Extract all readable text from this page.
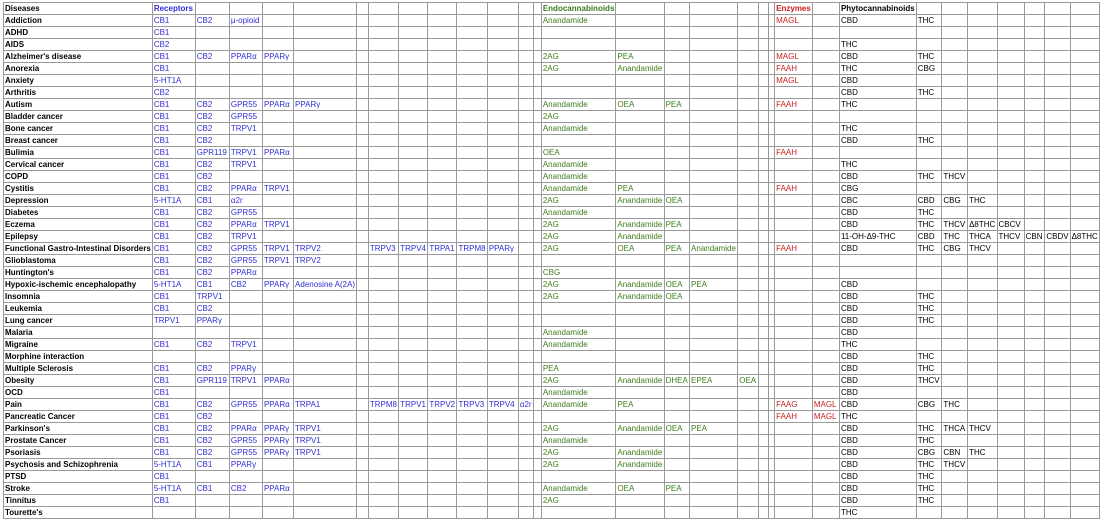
Diseases	Receptors													Endocannabinoids							Enzymes		Phytocannabinoids							
Addiction	CB1	CB2	μ-opioid											Anandamide							MAGL		CBD	THC						
ADHD	CB1																													
AIDS	CB2																						THC							
Alzheimer's disease	CB1	CB2	PPARα	PPARγ										2AG	PEA						MAGL		CBD	THC						
Anorexia	CB1													2AG	Anandamide						FAAH		THC	CBG						
Anxiety	5-HT1A																				MAGL		CBD							
Arthritis	CB2																						CBD	THC						
Autism	CB1	CB2	GPR55	PPARα	PPARγ									Anandamide	OEA	PEA					FAAH		THC							
Bladder cancer	CB1	CB2	GPR55											2AG																
Bone cancer	CB1	CB2	TRPV1											Anandamide									THC							
Breast cancer	CB1	CB2																					CBD	THC						
Bulimia	CB1	GPR119	TRPV1	PPARα										OEA							FAAH									
Cervical cancer	CB1	CB2	TRPV1											Anandamide									THC							
COPD	CB1	CB2												Anandamide									CBD	THC	THCV					
Cystitis	CB1	CB2	PPARα	TRPV1										Anandamide	PEA						FAAH		CBG							
Depression	5-HT1A	CB1	α2r											2AG	Anandamide	OEA							CBC	CBD	CBG	THC				
Diabetes	CB1	CB2	GPR55											Anandamide									CBD	THC						
Eczema	CB1	CB2	PPARα	TRPV1										2AG	Anandamide	PEA							CBD	THC	THCV	Δ8THC	CBCV			
Epilepsy	CB1	CB2	TRPV1											2AG	Anandamide								11-OH-Δ9-THC	CBD	THC	THCA	THCV	CBN	CBDV	Δ8THC
Functional Gastro-Intestinal Disorders	CB1	CB2	GPR55	TRPV1	TRPV2		TRPV3	TRPV4	TRPA1	TRPM8	PPARγ			2AG	OEA	PEA	Anandamide				FAAH		CBD	THC	CBG	THCV				
Glioblastoma	CB1	CB2	GPR55	TRPV1	TRPV2																									
Huntington's	CB1	CB2	PPARα											CBG																
Hypoxic-ischemic encephalopathy	5-HT1A	CB1	CB2	PPARγ	Adenosine A(2A)									2AG	Anandamide	OEA	PEA						CBD							
Insomnia	CB1	TRPV1												2AG	Anandamide	OEA							CBD	THC						
Leukemia	CB1	CB2																					CBD	THC						
Lung cancer	TRPV1	PPARγ																					CBD	THC						
Malaria														Anandamide									CBD							
Migraine	CB1	CB2	TRPV1											Anandamide									THC							
Morphine interaction																							CBD	THC						
Multiple Sclerosis	CB1	CB2	PPARγ											PEA									CBD	THC						
Obesity	CB1	GPR119	TRPV1	PPARα										2AG	Anandamide	DHEA	EPEA	OEA					CBD	THCV						
OCD	CB1													Anandamide									CBD							
Pain	CB1	CB2	GPR55	PPARα	TRPA1		TRPM8	TRPV1	TRPV2	TRPV3	TRPV4	α2r		Anandamide	PEA						FAAG	MAGL	CBD	CBG	THC					
Pancreatic Cancer	CB1	CB2																			FAAH	MAGL	THC							
Parkinson's	CB1	CB2	PPARα	PPARγ	TRPV1									2AG	Anandamide	OEA	PEA						CBD	THC	THCA	THCV				
Prostate Cancer	CB1	CB2	GPR55	PPARγ	TRPV1									Anandamide									CBD	THC						
Psoriasis	CB1	CB2	GPR55	PPARγ	TRPV1									2AG	Anandamide								CBD	CBG	CBN	THC				
Psychosis and Schizophrenia	5-HT1A	CB1	PPARγ											2AG	Anandamide								CBD	THC	THCV					
PTSD	CB1																						CBD	THC						
Stroke	5-HT1A	CB1	CB2	PPARα										Anandamide	OEA	PEA							CBD	THC						
Tinnitus	CB1													2AG									CBD	THC						
Tourette's																							THC							
